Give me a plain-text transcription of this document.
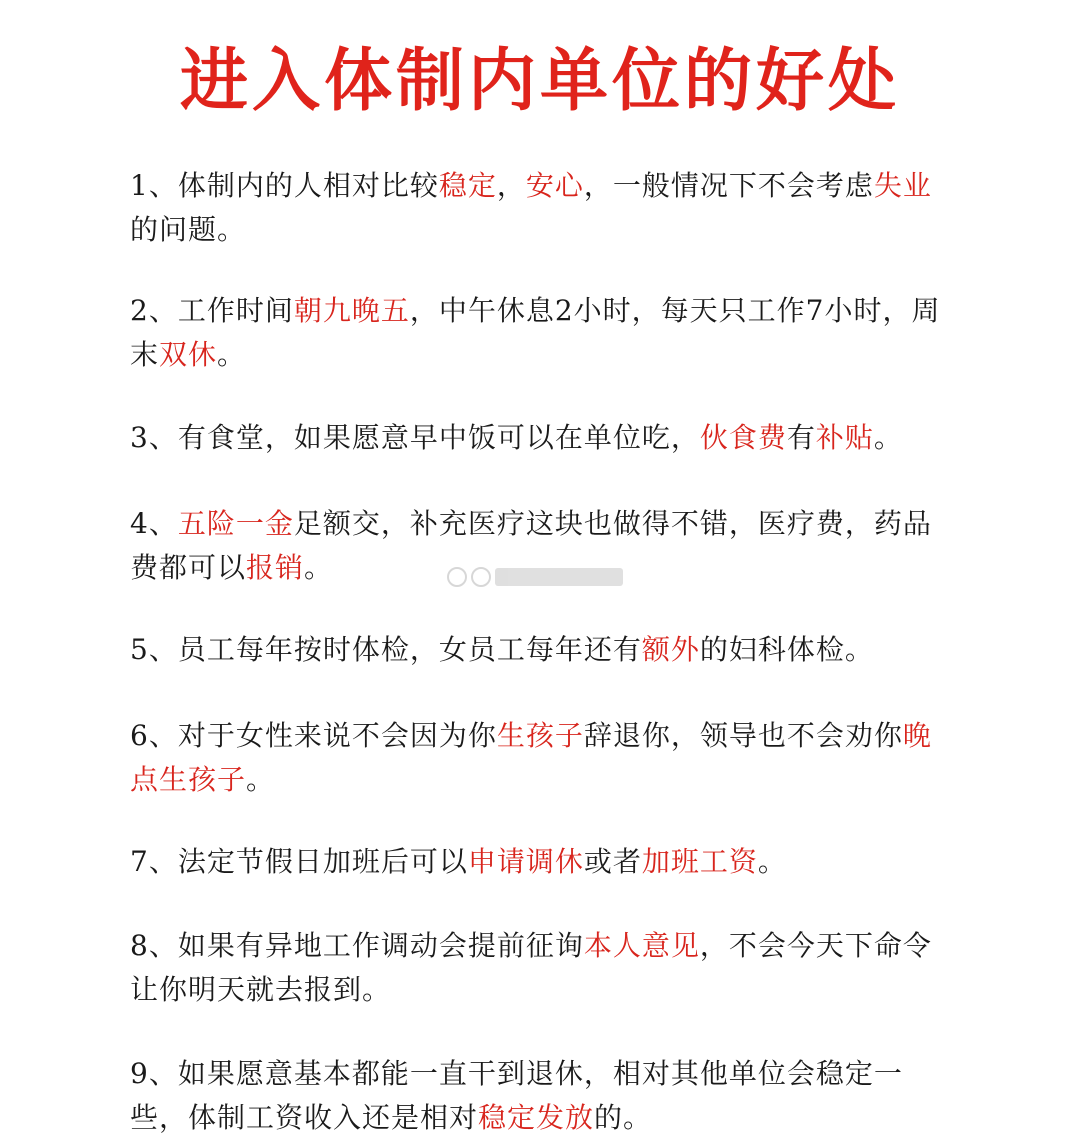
进入体制内单位的好处
1、体制内的人相对比较稳定，安心，一般情况下不会考虑失业的问题。
2、工作时间朝九晚五，中午休息2小时，每天只工作7小时，周末双休。
3、有食堂，如果愿意早中饭可以在单位吃，伙食费有补贴。
4、五险一金足额交，补充医疗这块也做得不错，医疗费，药品费都可以报销。
5、员工每年按时体检，女员工每年还有额外的妇科体检。
6、对于女性来说不会因为你生孩子辞退你，领导也不会劝你晚点生孩子。
7、法定节假日加班后可以申请调休或者加班工资。
8、如果有异地工作调动会提前征询本人意见，不会今天下命令让你明天就去报到。
9、如果愿意基本都能一直干到退休，相对其他单位会稳定一些，体制工资收入还是相对稳定发放的。
